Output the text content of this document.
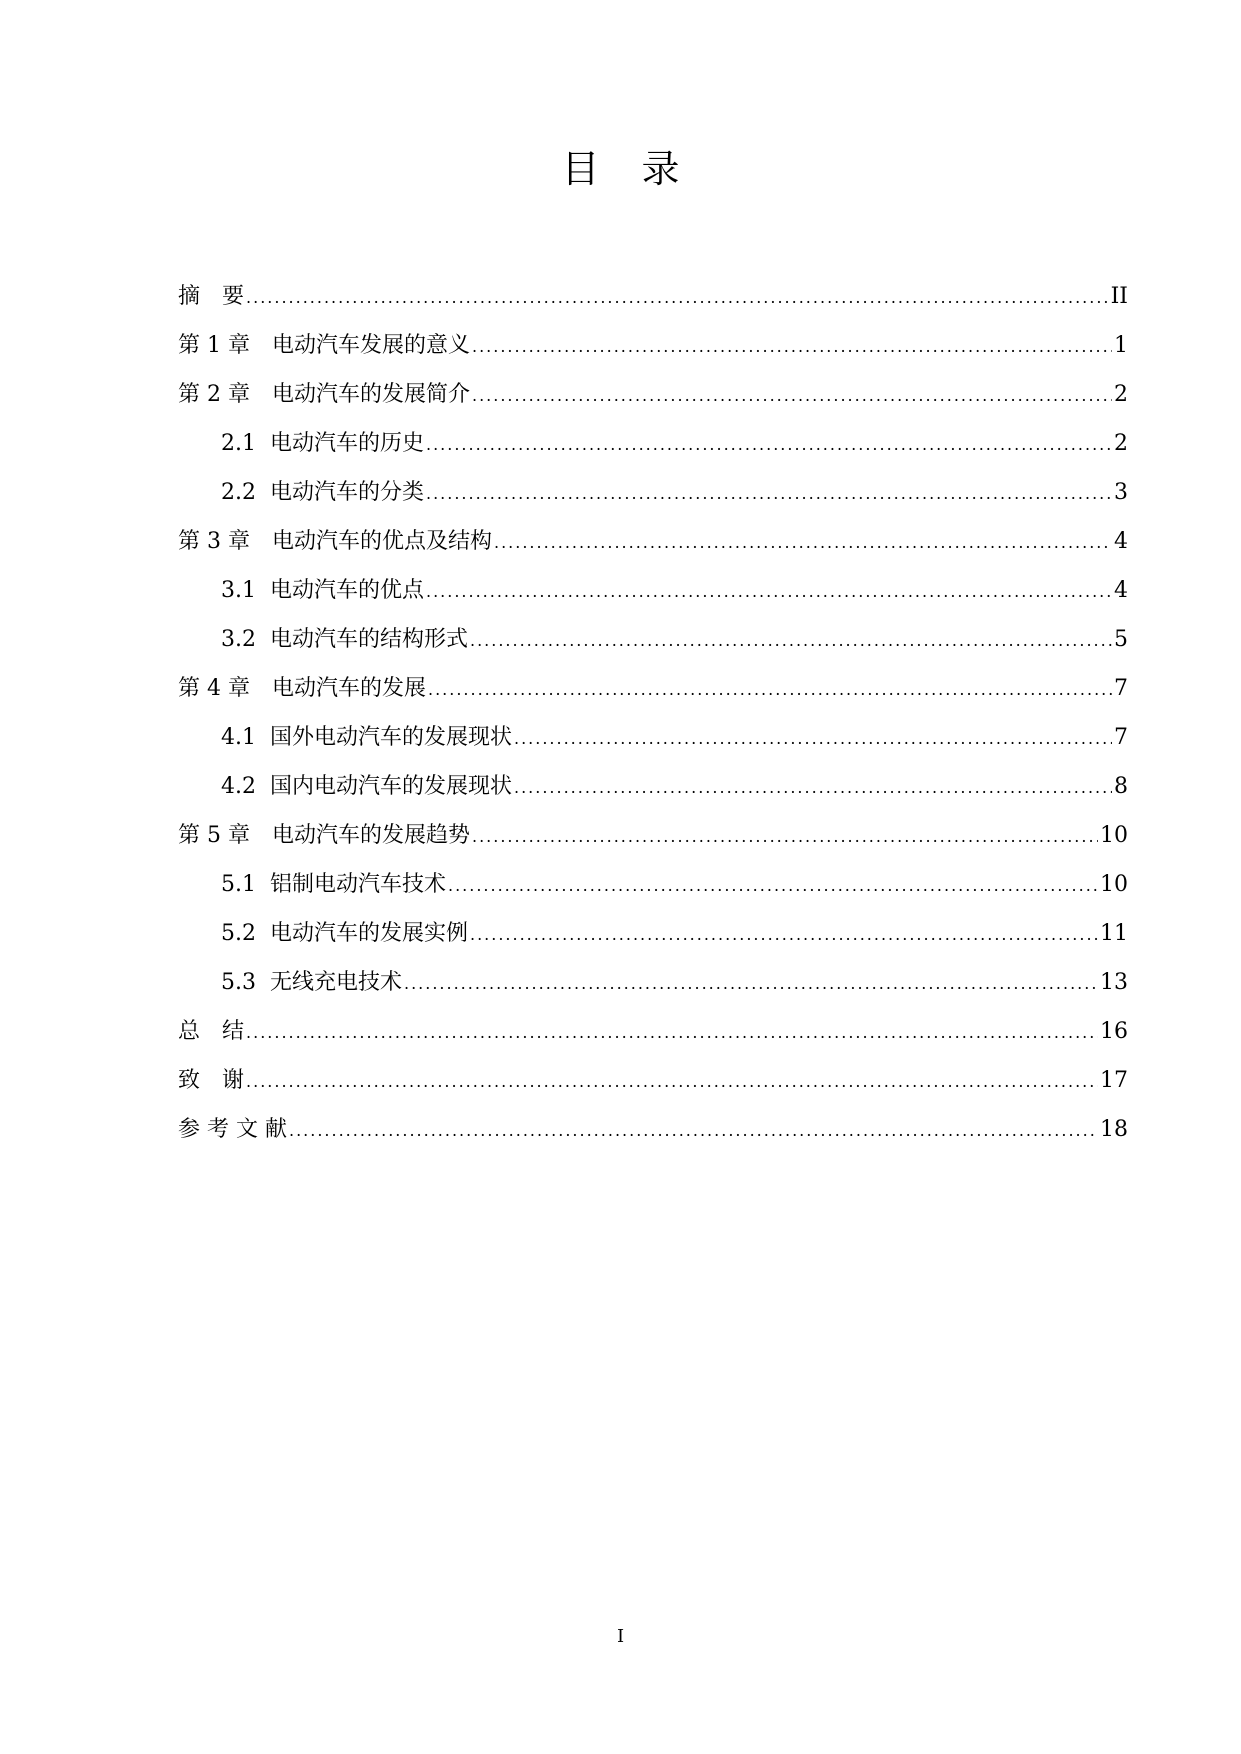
目 录
摘　要 .....	II
第 1 章　电动汽车发展的意义 .....	1
第 2 章　电动汽车的发展简介 .....	2
2.1  电动汽车的历史 .....	2
2.2  电动汽车的分类 .....	3
第 3 章　电动汽车的优点及结构 .....	4
3.1  电动汽车的优点 .....	4
3.2  电动汽车的结构形式 .....	5
第 4 章　电动汽车的发展 .....	7
4.1  国外电动汽车的发展现状 .....	7
4.2  国内电动汽车的发展现状 .....	8
第 5 章　电动汽车的发展趋势 .....	10
5.1  铝制电动汽车技术 .....	10
5.2  电动汽车的发展实例 .....	11
5.3  无线充电技术 .....	13
总　结 .....	16
致　谢 .....	17
参 考 文 献 .....	18
I
